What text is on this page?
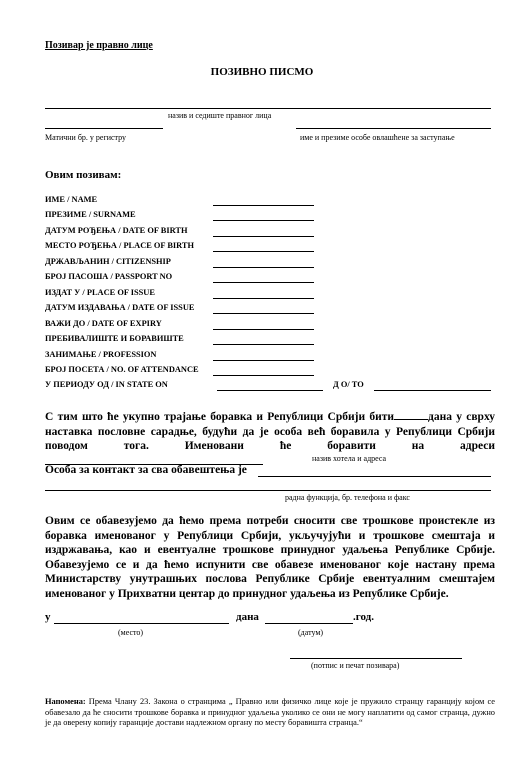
Позивар је правно лице
ПОЗИВНО ПИСМО
назив и седиште правног лица
Матични бр. у регистру	име и презиме особе овлашћене за заступање
Овим позивам:
ИМЕ / NAME
ПРЕЗИМЕ / SURNAME
ДАТУМ РОЂЕЊА / DATE OF BIRTH
МЕСТО РОЂЕЊА / PLACE OF BIRTH
ДРЖАВЉАНИН / CITIZENSHIP
БРОЈ ПАСОША / PASSPORT NO
ИЗДАТ У / PLACE OF ISSUE
ДАТУМ ИЗДАВАЊА / DATE OF ISSUE
ВАЖИ ДО / DATE OF EXPIRY
ПРЕБИВАЛИШТЕ И БОРАВИШТЕ
ЗАНИМАЊЕ / PROFESSION
БРОЈ ПОСЕТА / NO. OF ATTENDANCE
У ПЕРИОДУ ОД / IN STATE ON	Д О/ TO
С тим што ће укупно трајање боравка и Републици Србији бити	дана у сврху наставка пословне сарадње, будући да је особа већ боравила у Републици Србији поводом тога. Именовани ће боравити на адреси
назив хотела и адреса
Особа за контакт за сва обавештења је
радна функција, бр. телефона и факс
Овим се обавезујемо да ћемо према потреби сносити све трошкове проистекле из боравка именованог у Републици Србији, укључујући и трошкове смештаја и издржавања, као и евентуалне трошкове принудног удаљења Републике Србије. Обавезујемо се и да ћемо испунити све обавезе именованог које настану према Министарству унутрашњих послова Републике Србије евентуалним смештајем именованог у Прихватни центар до принудног удаљења из Републике Србије.
у	дана	.год.
(место)	(датум)
(потпис и печат позивара)
Напомена: Према Члану 23. Закона о странцима „ Правно или физичко лице које је пружило странцу гаранцију којом се обавезало да ће сносити трошкове боравка и принудног удаљења уколико се они не могу наплатити од самог странца, дужно је да оверену копију гаранције достави надлежном органу по месту боравишта странца.“
